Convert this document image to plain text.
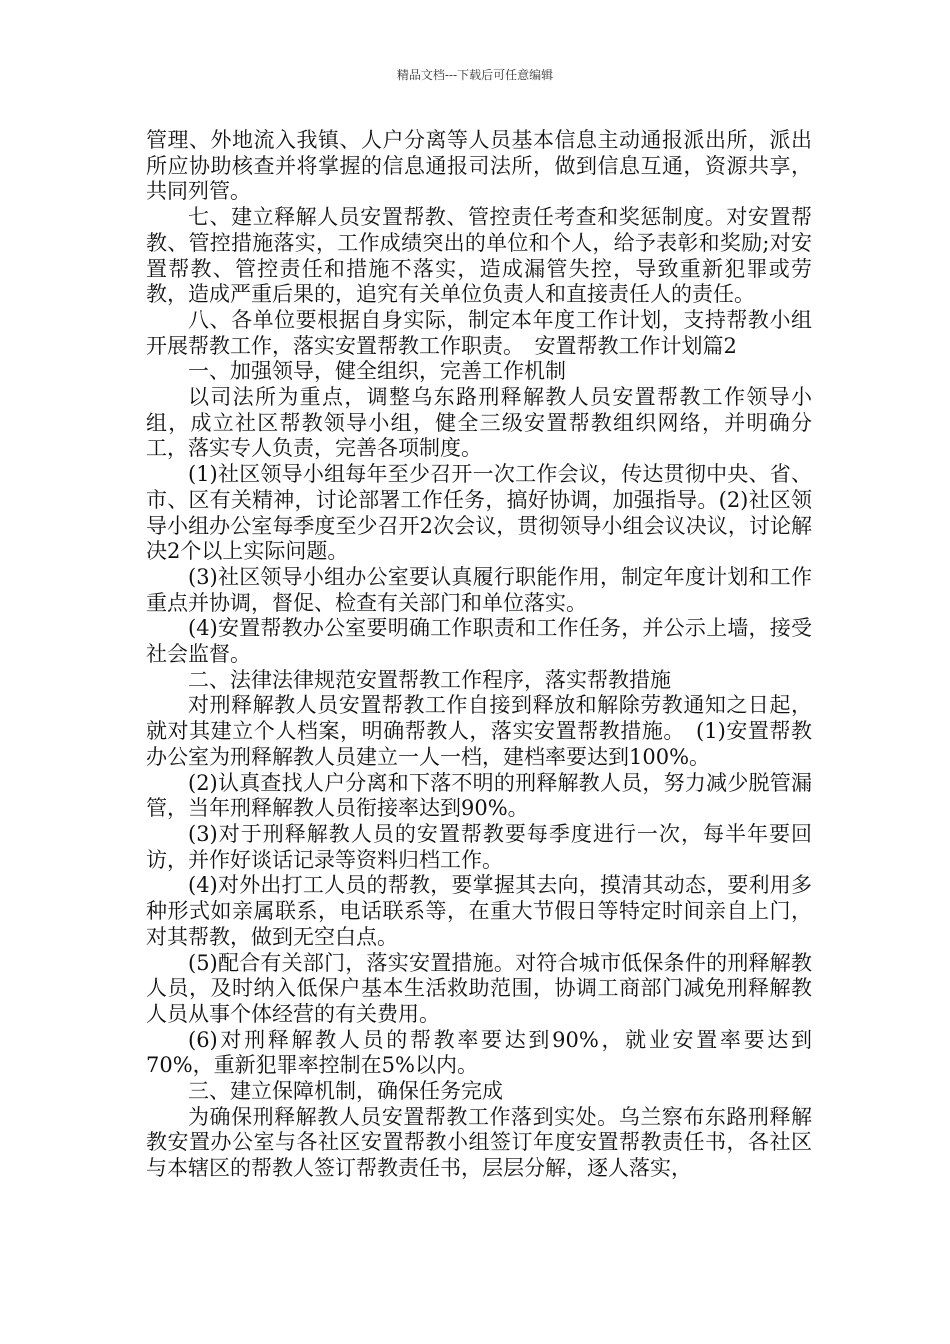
精品文档---下载后可任意编辑

管理、外地流入我镇、人户分离等人员基本信息主动通报派出所，派出所应协助核查并将掌握的信息通报司法所，做到信息互通，资源共享，共同列管。

七、建立释解人员安置帮教、管控责任考查和奖惩制度。对安置帮教、管控措施落实，工作成绩突出的单位和个人，给予表彰和奖励;对安置帮教、管控责任和措施不落实，造成漏管失控，导致重新犯罪或劳教，造成严重后果的，追究有关单位负责人和直接责任人的责任。

八、各单位要根据自身实际，制定本年度工作计划，支持帮教小组开展帮教工作，落实安置帮教工作职责。　安置帮教工作计划篇2

一、加强领导，健全组织，完善工作机制

以司法所为重点，调整乌东路刑释解教人员安置帮教工作领导小组，成立社区帮教领导小组，健全三级安置帮教组织网络，并明确分工，落实专人负责，完善各项制度。

(1)社区领导小组每年至少召开一次工作会议，传达贯彻中央、省、市、区有关精神，讨论部署工作任务，搞好协调，加强指导。(2)社区领导小组办公室每季度至少召开2次会议，贯彻领导小组会议决议，讨论解决2个以上实际问题。

(3)社区领导小组办公室要认真履行职能作用，制定年度计划和工作重点并协调，督促、检查有关部门和单位落实。

(4)安置帮教办公室要明确工作职责和工作任务，并公示上墙，接受社会监督。

二、法律法律规范安置帮教工作程序，落实帮教措施

对刑释解教人员安置帮教工作自接到释放和解除劳教通知之日起，就对其建立个人档案，明确帮教人，落实安置帮教措施。　(1)安置帮教办公室为刑释解教人员建立一人一档，建档率要达到100%。

(2)认真查找人户分离和下落不明的刑释解教人员，努力减少脱管漏管，当年刑释解教人员衔接率达到90%。

(3)对于刑释解教人员的安置帮教要每季度进行一次，每半年要回访，并作好谈话记录等资料归档工作。

(4)对外出打工人员的帮教，要掌握其去向，摸清其动态，要利用多种形式如亲属联系，电话联系等，在重大节假日等特定时间亲自上门，对其帮教，做到无空白点。

(5)配合有关部门，落实安置措施。对符合城市低保条件的刑释解教人员，及时纳入低保户基本生活救助范围，协调工商部门减免刑释解教人员从事个体经营的有关费用。

(6)对刑释解教人员的帮教率要达到90%，就业安置率要达到70%，重新犯罪率控制在5%以内。

三、建立保障机制，确保任务完成

为确保刑释解教人员安置帮教工作落到实处。乌兰察布东路刑释解教安置办公室与各社区安置帮教小组签订年度安置帮教责任书，各社区与本辖区的帮教人签订帮教责任书，层层分解，逐人落实，
